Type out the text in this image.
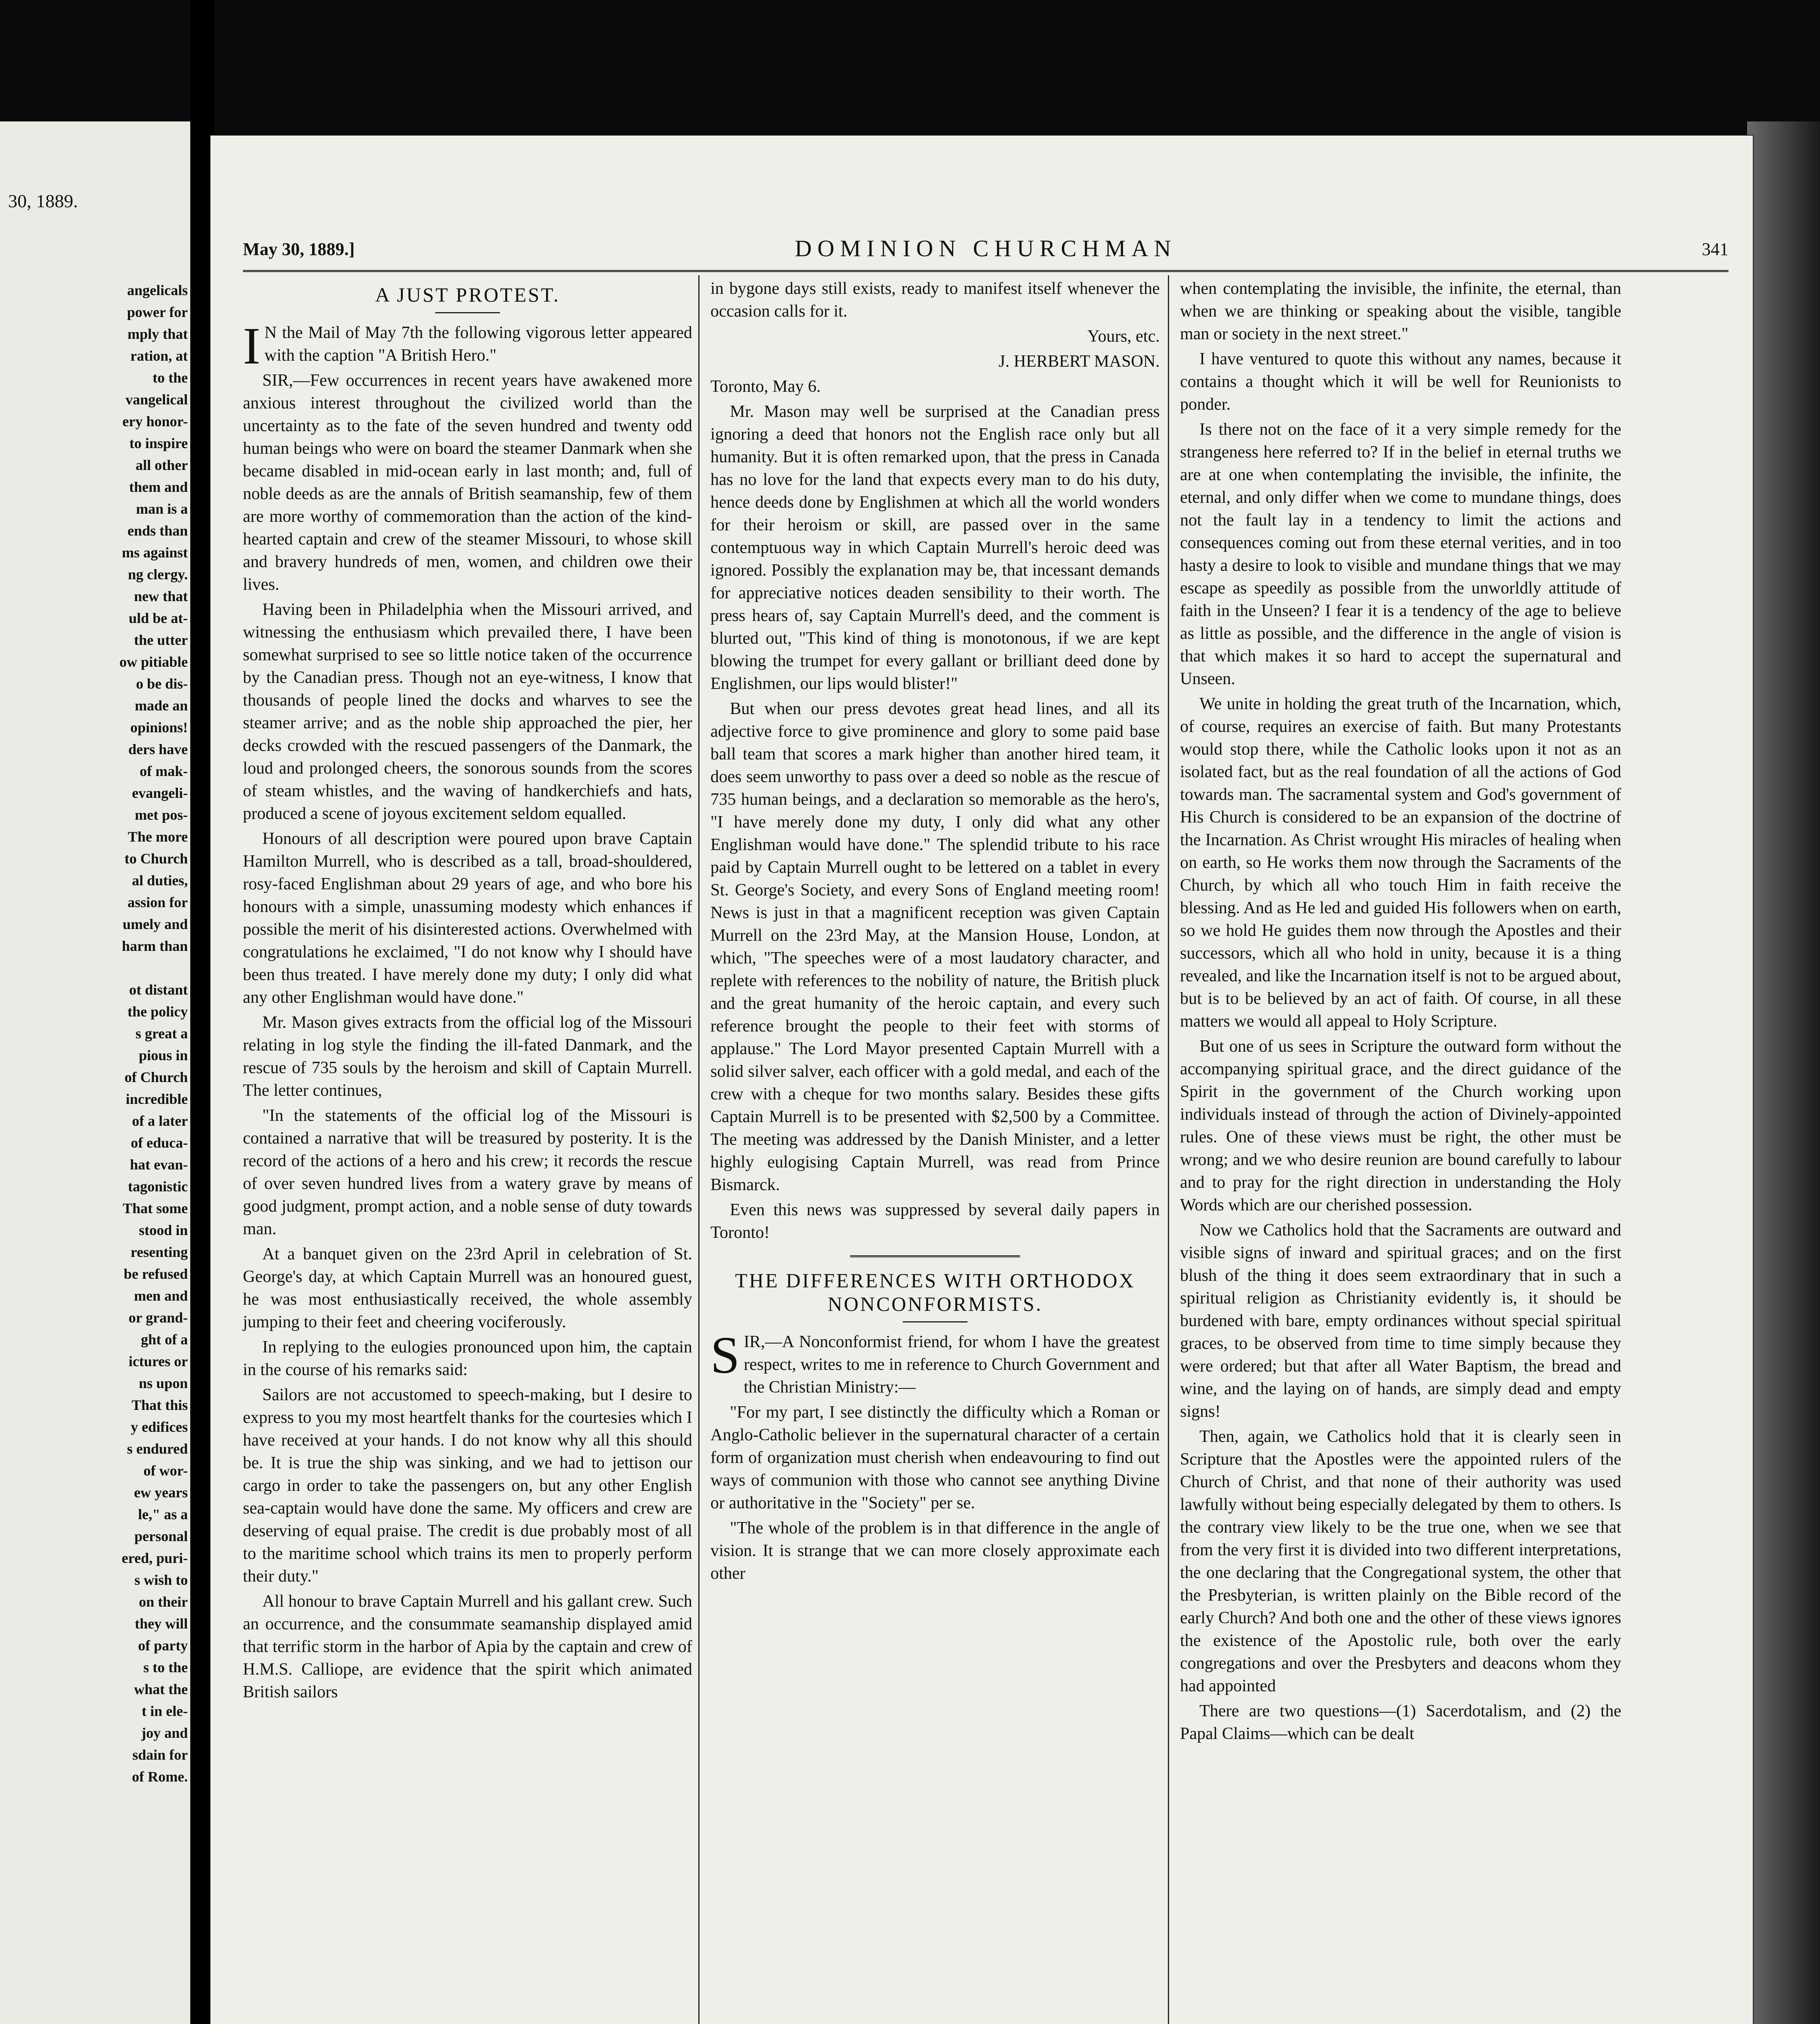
30, 1889.
angelicals
power for
mply that
ration, at
to the
vangelical
ery honor-
to inspire
all other
them and
man is a
ends than
ms against
ng clergy.
new that
uld be at-
the utter
ow pitiable
o be dis-
made an
opinions!
ders have
of mak-
evangeli-
met pos-
The more
to Church
al duties,
assion for
umely and
harm than
ot distant
the policy
s great a
pious in
of Church
incredible
of a later
of educa-
hat evan-
tagonistic
That some
stood in
resenting
be refused
men and
or grand-
ght of a
ictures or
ns upon
That this
y edifices
s endured
of wor-
ew years
le," as a
personal
ered, puri-
s wish to
on their
they will
of party
s to the
what the
t in ele-
joy and
sdain for
of Rome.
May 30, 1889.]	DOMINION CHURCHMAN	341
A JUST PROTEST.

I N the Mail of May 7th the following vigorous letter appeared with the caption "A British Hero."

SIR,—Few occurrences in recent years have awakened more anxious interest throughout the civilized world than the uncertainty as to the fate of the seven hundred and twenty odd human beings who were on board the steamer Danmark when she became disabled in mid-ocean early in last month; and, full of noble deeds as are the annals of British seamanship, few of them are more worthy of commemoration than the action of the kind-hearted captain and crew of the steamer Missouri, to whose skill and bravery hundreds of men, women, and children owe their lives.

Having been in Philadelphia when the Missouri arrived, and witnessing the enthusiasm which prevailed there, I have been somewhat surprised to see so little notice taken of the occurrence by the Canadian press. Though not an eye-witness, I know that thousands of people lined the docks and wharves to see the steamer arrive; and as the noble ship approached the pier, her decks crowded with the rescued passengers of the Danmark, the loud and prolonged cheers, the sonorous sounds from the scores of steam whistles, and the waving of handkerchiefs and hats, produced a scene of joyous excitement seldom equalled.

Honours of all description were poured upon brave Captain Hamilton Murrell, who is described as a tall, broad-shouldered, rosy-faced Englishman about 29 years of age, and who bore his honours with a simple, unassuming modesty which enhances if possible the merit of his disinterested actions. Overwhelmed with congratulations he exclaimed, "I do not know why I should have been thus treated. I have merely done my duty; I only did what any other Englishman would have done."

Mr. Mason gives extracts from the official log of the Missouri relating in log style the finding the ill-fated Danmark, and the rescue of 735 souls by the heroism and skill of Captain Murrell. The letter continues,

"In the statements of the official log of the Missouri is contained a narrative that will be treasured by posterity. It is the record of the actions of a hero and his crew; it records the rescue of over seven hundred lives from a watery grave by means of good judgment, prompt action, and a noble sense of duty towards man.

At a banquet given on the 23rd April in celebration of St. George's day, at which Captain Murrell was an honoured guest, he was most enthusiastically received, the whole assembly jumping to their feet and cheering vociferously.

In replying to the eulogies pronounced upon him, the captain in the course of his remarks said:

Sailors are not accustomed to speech-making, but I desire to express to you my most heartfelt thanks for the courtesies which I have received at your hands. I do not know why all this should be. It is true the ship was sinking, and we had to jettison our cargo in order to take the passengers on, but any other English sea-captain would have done the same. My officers and crew are deserving of equal praise. The credit is due probably most of all to the maritime school which trains its men to properly perform their duty."

All honour to brave Captain Murrell and his gallant crew. Such an occurrence, and the consummate seamanship displayed amid that terrific storm in the harbor of Apia by the captain and crew of H.M.S. Calliope, are evidence that the spirit which animated British sailors

in bygone days still exists, ready to manifest itself whenever the occasion calls for it.

Yours, etc.

J. HERBERT MASON.

Toronto, May 6.

Mr. Mason may well be surprised at the Canadian press ignoring a deed that honors not the English race only but all humanity. But it is often remarked upon, that the press in Canada has no love for the land that expects every man to do his duty, hence deeds done by Englishmen at which all the world wonders for their heroism or skill, are passed over in the same contemptuous way in which Captain Murrell's heroic deed was ignored. Possibly the explanation may be, that incessant demands for appreciative notices deaden sensibility to their worth. The press hears of, say Captain Murrell's deed, and the comment is blurted out, "This kind of thing is monotonous, if we are kept blowing the trumpet for every gallant or brilliant deed done by Englishmen, our lips would blister!"

But when our press devotes great head lines, and all its adjective force to give prominence and glory to some paid base ball team that scores a mark higher than another hired team, it does seem unworthy to pass over a deed so noble as the rescue of 735 human beings, and a declaration so memorable as the hero's, "I have merely done my duty, I only did what any other Englishman would have done." The splendid tribute to his race paid by Captain Murrell ought to be lettered on a tablet in every St. George's Society, and every Sons of England meeting room! News is just in that a magnificent reception was given Captain Murrell on the 23rd May, at the Mansion House, London, at which, "The speeches were of a most laudatory character, and replete with references to the nobility of nature, the British pluck and the great humanity of the heroic captain, and every such reference brought the people to their feet with storms of applause." The Lord Mayor presented Captain Murrell with a solid silver salver, each officer with a gold medal, and each of the crew with a cheque for two months salary. Besides these gifts Captain Murrell is to be presented with $2,500 by a Committee. The meeting was addressed by the Danish Minister, and a letter highly eulogising Captain Murrell, was read from Prince Bismarck.

Even this news was suppressed by several daily papers in Toronto!

THE DIFFERENCES WITH ORTHODOX NONCONFORMISTS.

SIR,—A Nonconformist friend, for whom I have the greatest respect, writes to me in reference to Church Government and the Christian Ministry:—

"For my part, I see distinctly the difficulty which a Roman or Anglo-Catholic believer in the supernatural character of a certain form of organization must cherish when endeavouring to find out ways of communion with those who cannot see anything Divine or authoritative in the "Society" per se.

"The whole of the problem is in that difference in the angle of vision. It is strange that we can more closely approximate each other

when contemplating the invisible, the infinite, the eternal, than when we are thinking or speaking about the visible, tangible man or society in the next street."

I have ventured to quote this without any names, because it contains a thought which it will be well for Reunionists to ponder.

Is there not on the face of it a very simple remedy for the strangeness here referred to? If in the belief in eternal truths we are at one when contemplating the invisible, the infinite, the eternal, and only differ when we come to mundane things, does not the fault lay in a tendency to limit the actions and consequences coming out from these eternal verities, and in too hasty a desire to look to visible and mundane things that we may escape as speedily as possible from the unworldly attitude of faith in the Unseen? I fear it is a tendency of the age to believe as little as possible, and the difference in the angle of vision is that which makes it so hard to accept the supernatural and Unseen.

We unite in holding the great truth of the Incarnation, which, of course, requires an exercise of faith. But many Protestants would stop there, while the Catholic looks upon it not as an isolated fact, but as the real foundation of all the actions of God towards man. The sacramental system and God's government of His Church is considered to be an expansion of the doctrine of the Incarnation. As Christ wrought His miracles of healing when on earth, so He works them now through the Sacraments of the Church, by which all who touch Him in faith receive the blessing. And as He led and guided His followers when on earth, so we hold He guides them now through the Apostles and their successors, which all who hold in unity, because it is a thing revealed, and like the Incarnation itself is not to be argued about, but is to be believed by an act of faith. Of course, in all these matters we would all appeal to Holy Scripture.

But one of us sees in Scripture the outward form without the accompanying spiritual grace, and the direct guidance of the Spirit in the government of the Church working upon individuals instead of through the action of Divinely-appointed rules. One of these views must be right, the other must be wrong; and we who desire reunion are bound carefully to labour and to pray for the right direction in understanding the Holy Words which are our cherished possession.

Now we Catholics hold that the Sacraments are outward and visible signs of inward and spiritual graces; and on the first blush of the thing it does seem extraordinary that in such a spiritual religion as Christianity evidently is, it should be burdened with bare, empty ordinances without special spiritual graces, to be observed from time to time simply because they were ordered; but that after all Water Baptism, the bread and wine, and the laying on of hands, are simply dead and empty signs!

Then, again, we Catholics hold that it is clearly seen in Scripture that the Apostles were the appointed rulers of the Church of Christ, and that none of their authority was used lawfully without being especially delegated by them to others. Is the contrary view likely to be the true one, when we see that from the very first it is divided into two different interpretations, the one declaring that the Congregational system, the other that the Presbyterian, is written plainly on the Bible record of the early Church? And both one and the other of these views ignores the existence of the Apostolic rule, both over the early congregations and over the Presbyters and deacons whom they had appointed

There are two questions—(1) Sacerdotalism, and (2) the Papal Claims—which can be dealt
